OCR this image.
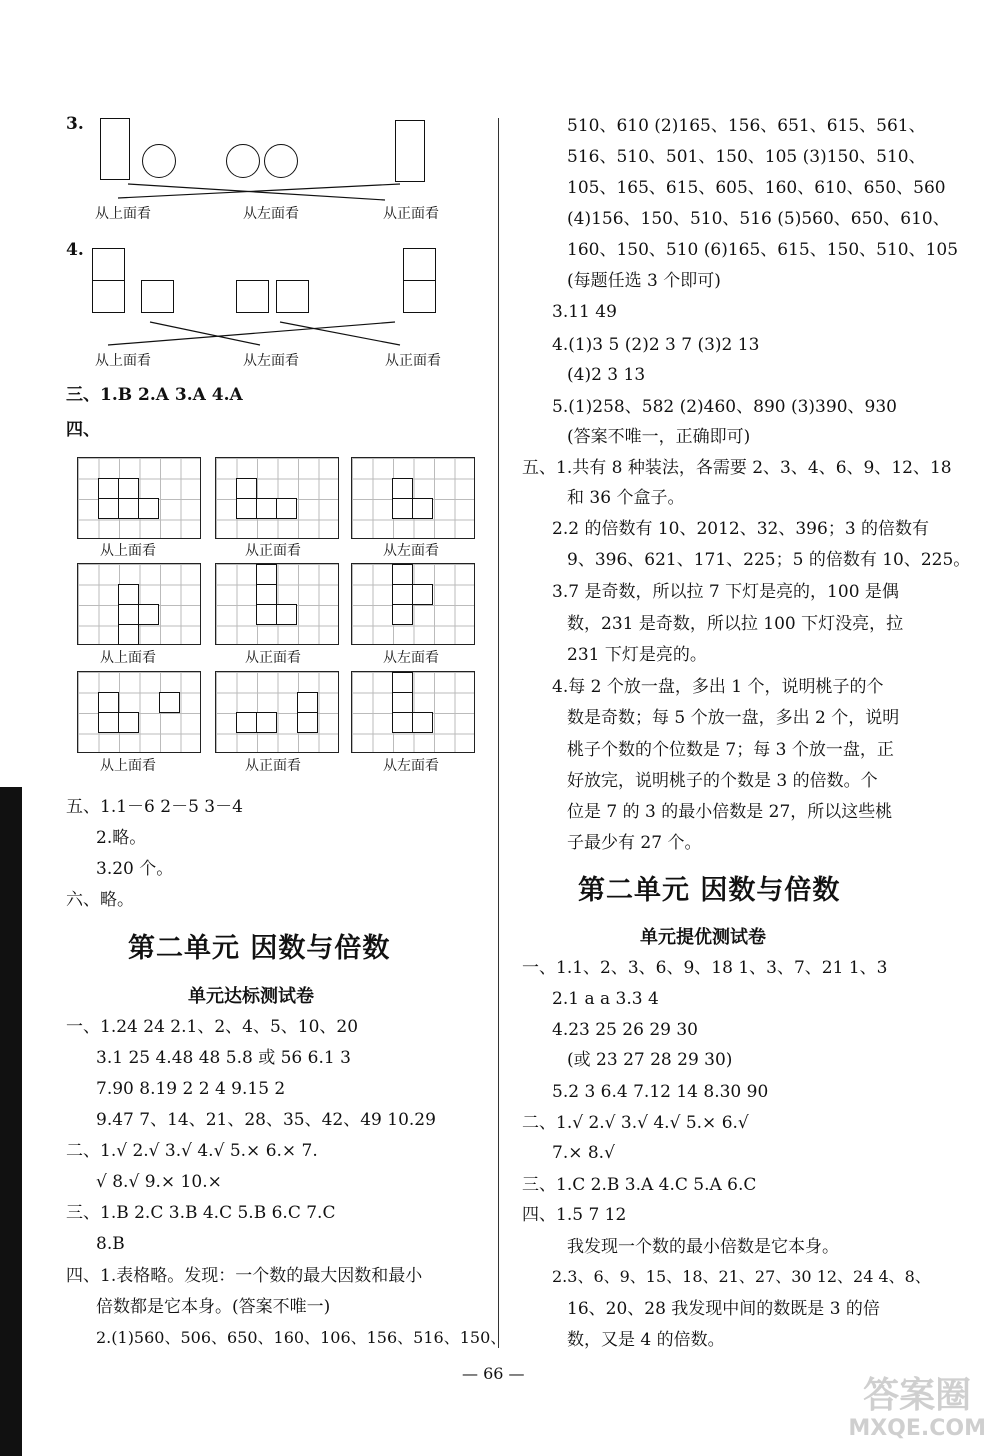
3.
从上面看	从左面看	从正面看
4.
从上面看	从左面看	从正面看
三、1.B 2.A 3.A 4.A
四、
从上面看	从正面看	从左面看
从上面看	从正面看	从左面看
从上面看	从正面看	从左面看
五、1.1－6 2－5 3－4
2.略。
3.20 个。
六、略。
第二单元 因数与倍数
单元达标测试卷
一、1.24 24 2.1、2、4、5、10、20
3.1 25 4.48 48 5.8 或 56 6.1 3
7.90 8.19 2 2 4 9.15 2
9.47 7、14、21、28、35、42、49 10.29
二、1.√ 2.√ 3.√ 4.√ 5.× 6.× 7.
√ 8.√ 9.× 10.×
三、1.B 2.C 3.B 4.C 5.B 6.C 7.C
8.B
四、1.表格略。发现：一个数的最大因数和最小
倍数都是它本身。(答案不唯一)
2.(1)560、506、650、160、106、156、516、150、
510、610 (2)165、156、651、615、561、
516、510、501、150、105 (3)150、510、
105、165、615、605、160、610、650、560
(4)156、150、510、516 (5)560、650、610、
160、150、510 (6)165、615、150、510、105
(每题任选 3 个即可)
3.11 49
4.(1)3 5 (2)2 3 7 (3)2 13
(4)2 3 13
5.(1)258、582 (2)460、890 (3)390、930
(答案不唯一，正确即可)
五、1.共有 8 种装法，各需要 2、3、4、6、9、12、18
和 36 个盒子。
2.2 的倍数有 10、2012、32、396；3 的倍数有
9、396、621、171、225；5 的倍数有 10、225。
3.7 是奇数，所以拉 7 下灯是亮的，100 是偶
数，231 是奇数，所以拉 100 下灯没亮，拉
231 下灯是亮的。
4.每 2 个放一盘，多出 1 个，说明桃子的个
数是奇数；每 5 个放一盘，多出 2 个，说明
桃子个数的个位数是 7；每 3 个放一盘，正
好放完，说明桃子的个数是 3 的倍数。个
位是 7 的 3 的最小倍数是 27，所以这些桃
子最少有 27 个。
第二单元 因数与倍数
单元提优测试卷
一、1.1、2、3、6、9、18 1、3、7、21 1、3
2.1 a a 3.3 4
4.23 25 26 29 30
(或 23 27 28 29 30)
5.2 3 6.4 7.12 14 8.30 90
二、1.√ 2.√ 3.√ 4.√ 5.× 6.√
7.× 8.√
三、1.C 2.B 3.A 4.C 5.A 6.C
四、1.5 7 12
我发现一个数的最小倍数是它本身。
2.3、6、9、15、18、21、27、30 12、24 4、8、
16、20、28 我发现中间的数既是 3 的倍
数，又是 4 的倍数。
— 66 —
答案圈
MXQE.COM
